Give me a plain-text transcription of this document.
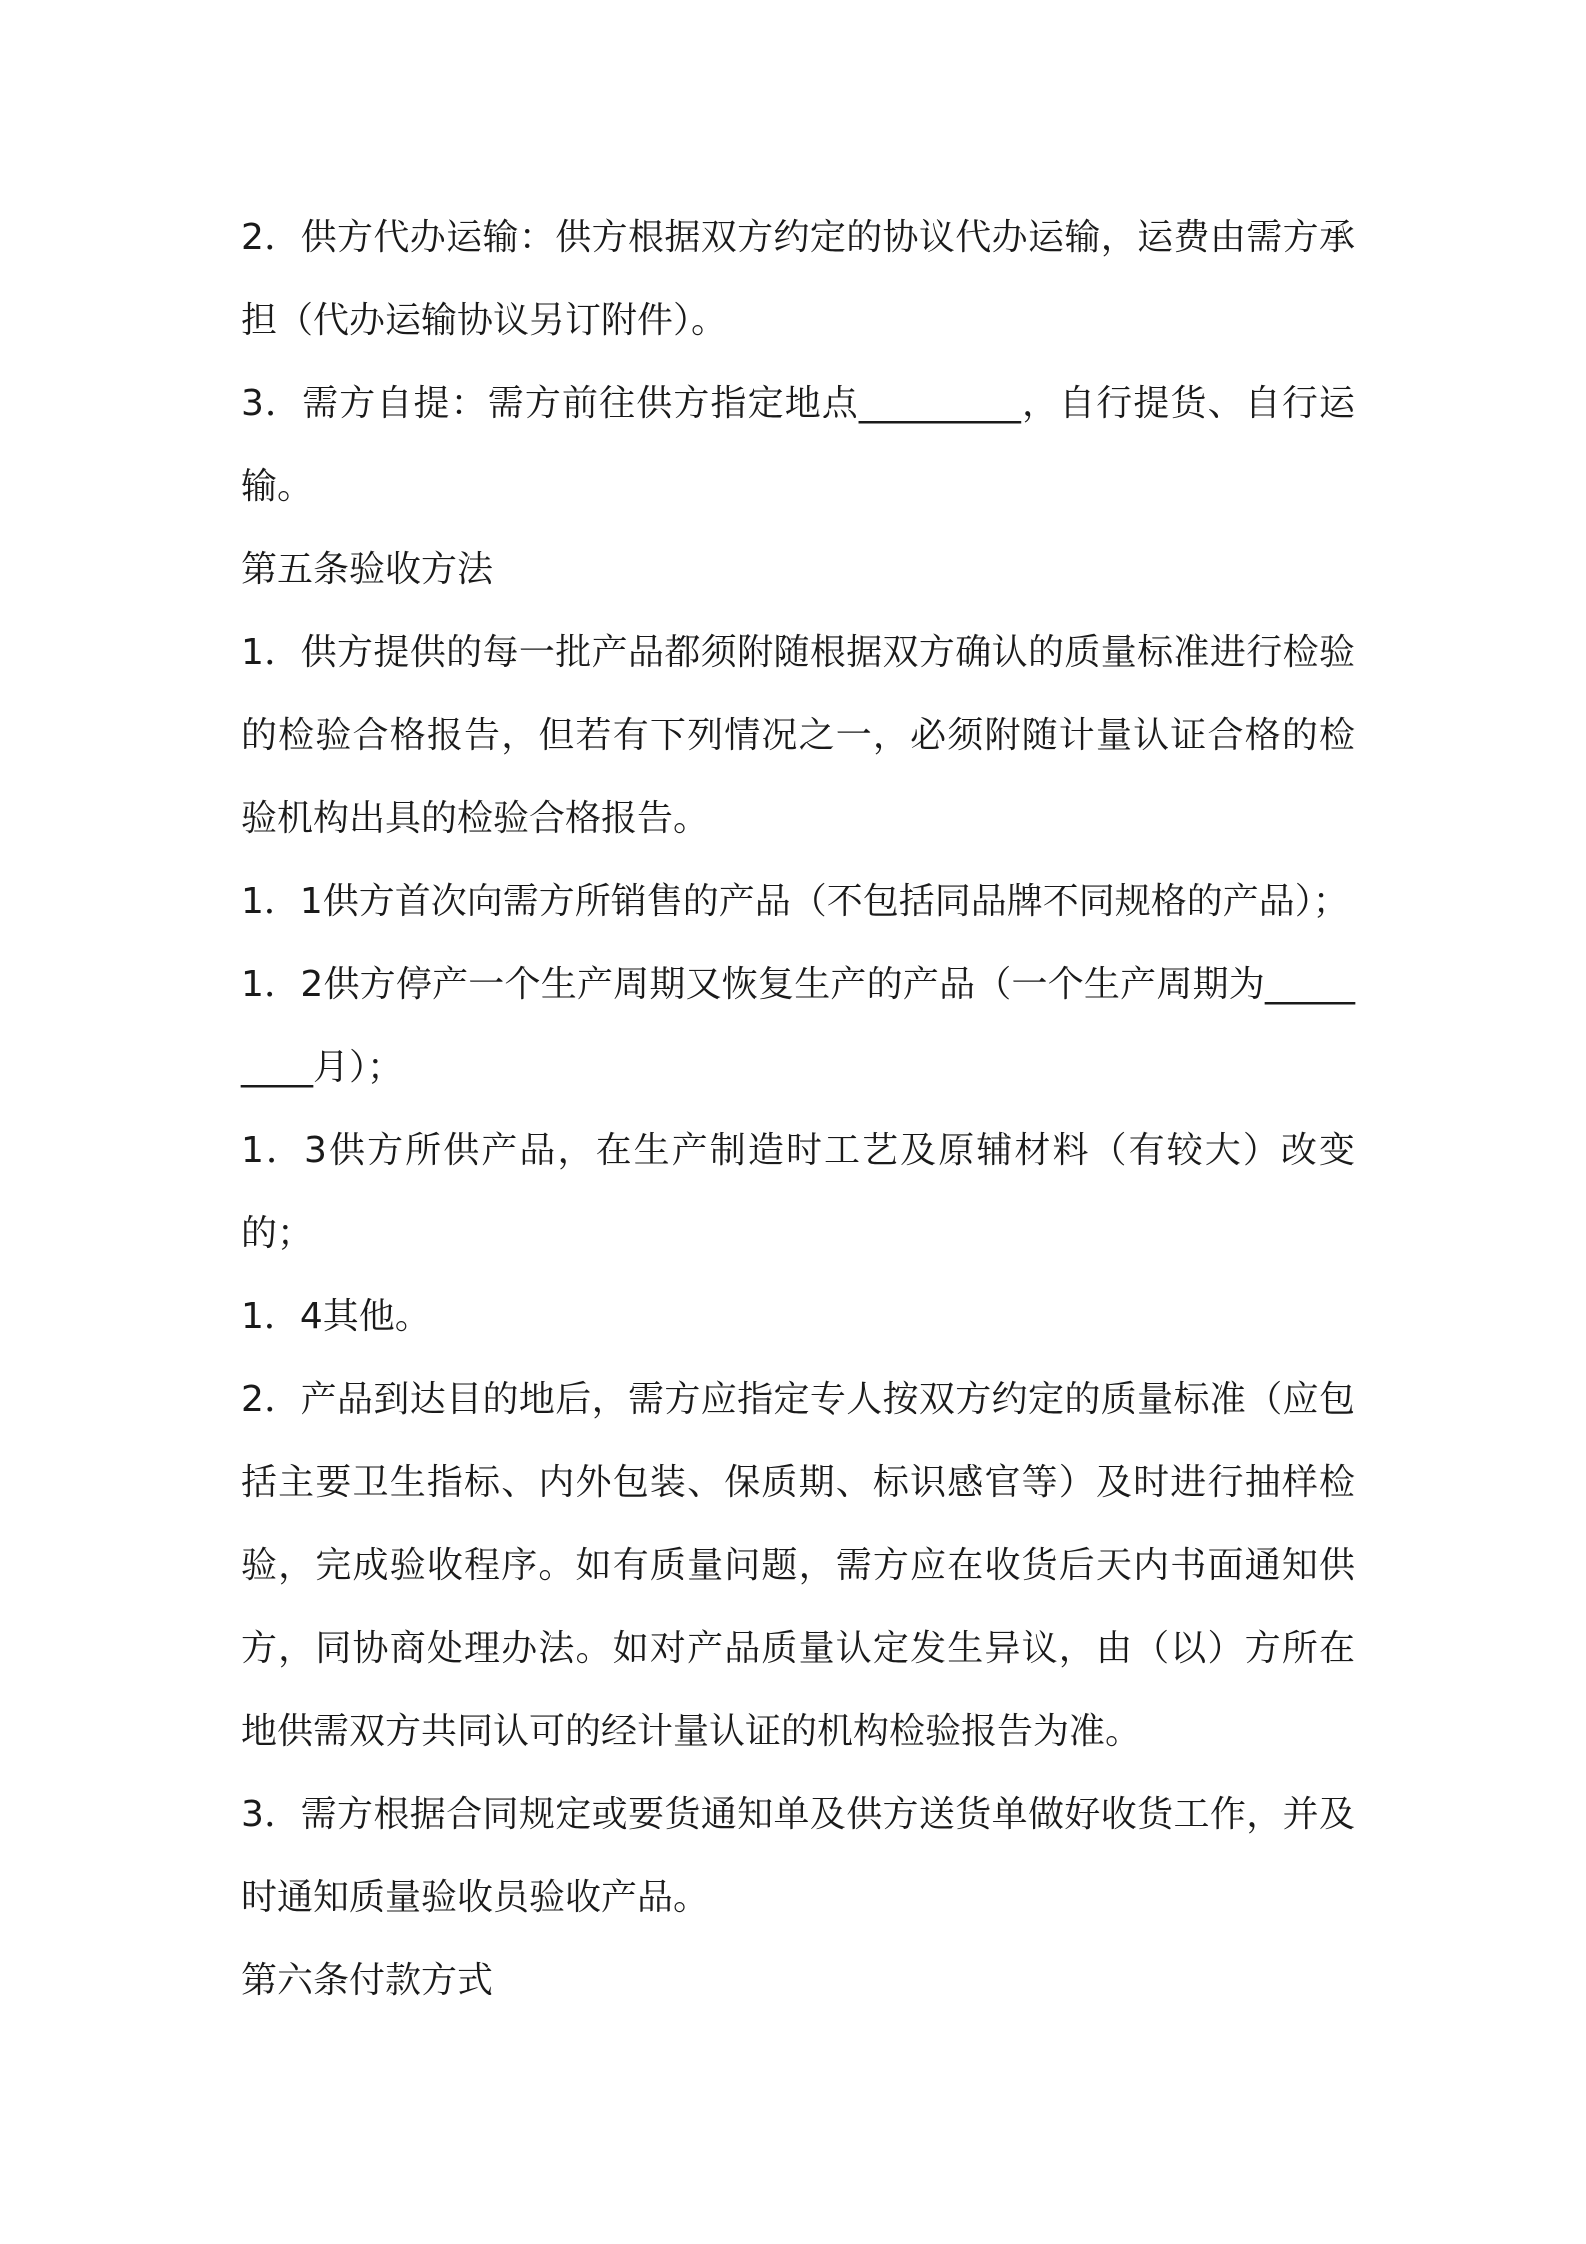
2．供方代办运输：供方根据双方约定的协议代办运输，运费由需方承担（代办运输协议另订附件）。

3．需方自提：需方前往供方指定地点_________，自行提货、自行运输。

第五条验收方法

1．供方提供的每一批产品都须附随根据双方确认的质量标准进行检验的检验合格报告，但若有下列情况之一，必须附随计量认证合格的检验机构出具的检验合格报告。

1．1供方首次向需方所销售的产品（不包括同品牌不同规格的产品）；

1．2供方停产一个生产周期又恢复生产的产品（一个生产周期为_________月）；

1．3供方所供产品，在生产制造时工艺及原辅材料（有较大）改变的；

1．4其他。

2．产品到达目的地后，需方应指定专人按双方约定的质量标准（应包括主要卫生指标、内外包装、保质期、标识感官等）及时进行抽样检验，完成验收程序。如有质量问题，需方应在收货后天内书面通知供方，同协商处理办法。如对产品质量认定发生异议，由（以）方所在地供需双方共同认可的经计量认证的机构检验报告为准。

3．需方根据合同规定或要货通知单及供方送货单做好收货工作，并及时通知质量验收员验收产品。

第六条付款方式
